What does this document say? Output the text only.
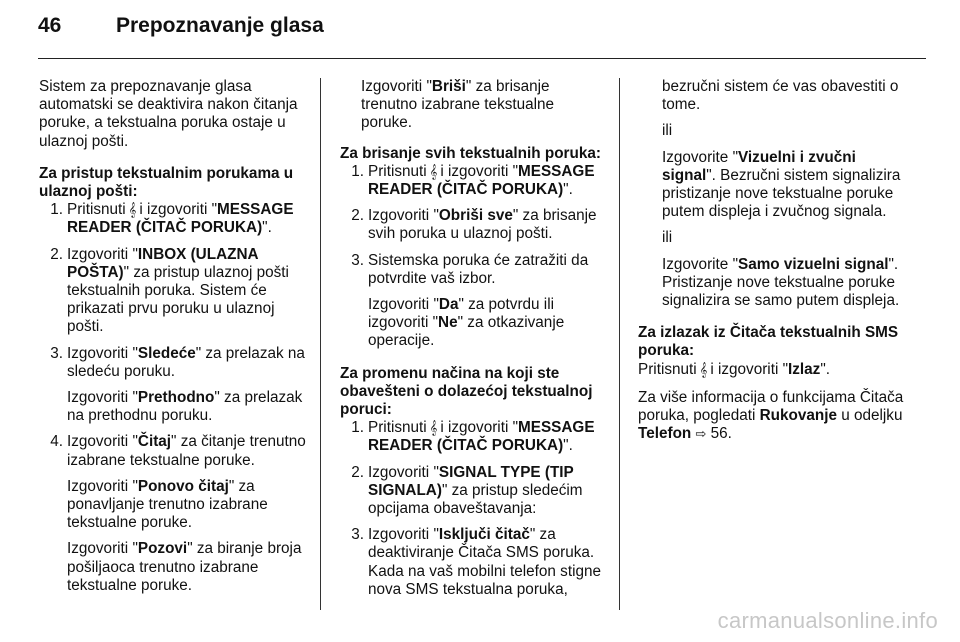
46	Prepoznavanje glasa

Sistem za prepoznavanje glasa automatski se deaktivira nakon čitanja poruke, a tekstualna poruka ostaje u ulaznoj pošti.

Za pristup tekstualnim porukama u ulaznoj pošti:

1. Pritisnuti 𝄞 i izgovoriti "MESSAGE READER (ČITAČ PORUKA)".
2. Izgovoriti "INBOX (ULAZNA POŠTA)" za pristup ulaznoj pošti tekstualnih poruka. Sistem će prikazati prvu poruku u ulaznoj pošti.
3. Izgovoriti "Sledeće" za prelazak na sledeću poruku.
Izgovoriti "Prethodno" za prelazak na prethodnu poruku.
4. Izgovoriti "Čitaj" za čitanje trenutno izabrane tekstualne poruke.
Izgovoriti "Ponovo čitaj" za ponavljanje trenutno izabrane tekstualne poruke.
Izgovoriti "Pozovi" za biranje broja pošiljaoca trenutno izabrane tekstualne poruke.
Izgovoriti "Briši" za brisanje trenutno izabrane tekstualne poruke.

Za brisanje svih tekstualnih poruka:

1. Pritisnuti 𝄞 i izgovoriti "MESSAGE READER (ČITAČ PORUKA)".
2. Izgovoriti "Obriši sve" za brisanje svih poruka u ulaznoj pošti.
3. Sistemska poruka će zatražiti da potvrdite vaš izbor.
Izgovoriti "Da" za potvrdu ili izgovoriti "Ne" za otkazivanje operacije.

Za promenu načina na koji ste obavešteni o dolazećoj tekstualnoj poruci:

1. Pritisnuti 𝄞 i izgovoriti "MESSAGE READER (ČITAČ PORUKA)".
2. Izgovoriti "SIGNAL TYPE (TIP SIGNALA)" za pristup sledećim opcijama obaveštavanja:
3. Izgovoriti "Isključi čitač" za deaktiviranje Čitača SMS poruka. Kada na vaš mobilni telefon stigne nova SMS tekstualna poruka,
bezručni sistem će vas obavestiti o tome.
ili
Izgovorite "Vizuelni i zvučni signal". Bezručni sistem signalizira pristizanje nove tekstualne poruke putem displeja i zvučnog signala.
ili
Izgovorite "Samo vizuelni signal". Pristizanje nove tekstualne poruke signalizira se samo putem displeja.

Za izlazak iz Čitača tekstualnih SMS poruka:

Pritisnuti 𝄞 i izgovoriti "Izlaz".

Za više informacija o funkcijama Čitača poruka, pogledati Rukovanje u odeljku Telefon ⇨ 56.

carmanualsonline.info
